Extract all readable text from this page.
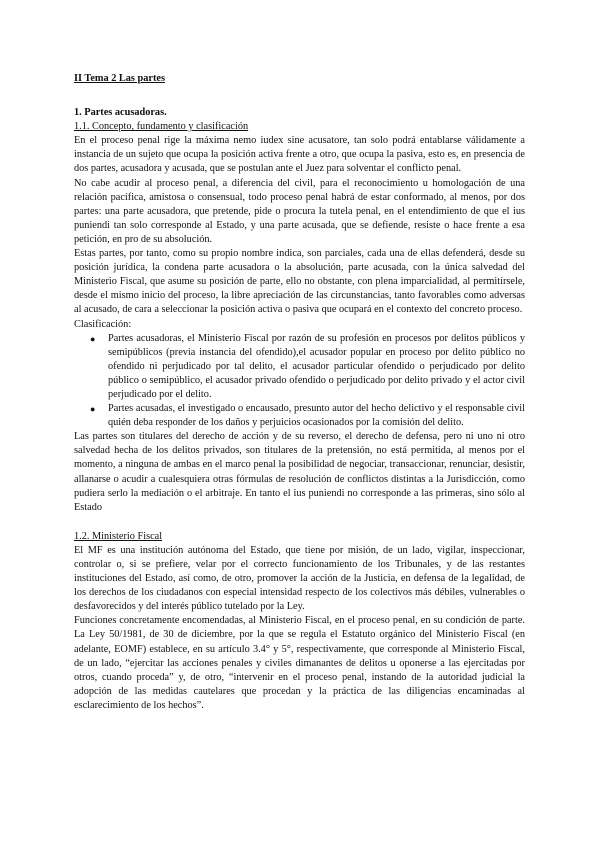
II Tema 2 Las partes
1. Partes acusadoras.
1.1. Concepto, fundamento y clasificación

En el proceso penal rige la máxima nemo iudex sine acusatore, tan solo podrá entablarse válidamente a instancia de un sujeto que ocupa la posición activa frente a otro, que ocupa la pasiva, esto es, en presencia de dos partes, acusadora y acusada, que se postulan ante el Juez para solventar el conflicto penal.

No cabe acudir al proceso penal, a diferencia del civil, para el reconocimiento u homologación de una relación pacífica, amistosa o consensual, todo proceso penal habrá de estar conformado, al menos, por dos partes: una parte acusadora, que pretende, pide o procura la tutela penal, en el entendimiento de que el ius puniendi tan solo corresponde al Estado, y una parte acusada, que se defiende, resiste o hace frente a esa petición, en pro de su absolución.

Estas partes, por tanto, como su propio nombre indica, son parciales, cada una de ellas defenderá, desde su posición jurídica, la condena parte acusadora o la absolución, parte acusada, con la única salvedad del Ministerio Fiscal, que asume su posición de parte, ello no obstante, con plena imparcialidad, al permitírsele, desde el mismo inicio del proceso, la libre apreciación de las circunstancias, tanto favorables como adversas al acusado, de cara a seleccionar la posición activa o pasiva que ocupará en el contexto del concreto proceso.

Clasificación:

● Partes acusadoras, el Ministerio Fiscal por razón de su profesión en procesos por delitos públicos y semipúblicos (previa instancia del ofendido),el acusador popular en proceso por delito público no ofendido ni perjudicado por tal delito, el acusador particular ofendido o perjudicado por delito público o semipúblico, el acusador privado ofendido o perjudicado por delito privado y el actor civil perjudicado por el delito.
● Partes acusadas, el investigado o encausado, presunto autor del hecho delictivo y el responsable civil quién deba responder de los daños y perjuicios ocasionados por la comisión del delito.

Las partes son titulares del derecho de acción y de su reverso, el derecho de defensa, pero ni uno ni otro salvedad hecha de los delitos privados, son titulares de la pretensión, no está permitida, al menos por el momento, a ninguna de ambas en el marco penal la posibilidad de negociar, transaccionar, renunciar, desistir, allanarse o acudir a cualesquiera otras fórmulas de resolución de conflictos distintas a la Jurisdicción, como pudiera serlo la mediación o el arbitraje. En tanto el ius puniendi no corresponde a las primeras, sino sólo al Estado

1.2. Ministerio Fiscal

El MF es una institución autónoma del Estado, que tiene por misión, de un lado, vigilar, inspeccionar, controlar o, si se prefiere, velar por el correcto funcionamiento de los Tribunales, y de las restantes instituciones del Estado, así como, de otro, promover la acción de la Justicia, en defensa de la legalidad, de los derechos de los ciudadanos con especial intensidad respecto de los colectivos más débiles, vulnerables o desfavorecidos y del interés público tutelado por la Ley.

Funciones concretamente encomendadas, al Ministerio Fiscal, en el proceso penal, en su condición de parte. La Ley 50/1981, de 30 de diciembre, por la que se regula el Estatuto orgánico del Ministerio Fiscal (en adelante, EOMF) establece, en su artículo 3.4° y 5°, respectivamente, que corresponde al Ministerio Fiscal, de un lado, “ejercitar las acciones penales y civiles dimanantes de delitos u oponerse a las ejercitadas por otros, cuando proceda” y, de otro, “intervenir en el proceso penal, instando de la autoridad judicial la adopción de las medidas cautelares que procedan y la práctica de las diligencias encaminadas al esclarecimiento de los hechos”.
